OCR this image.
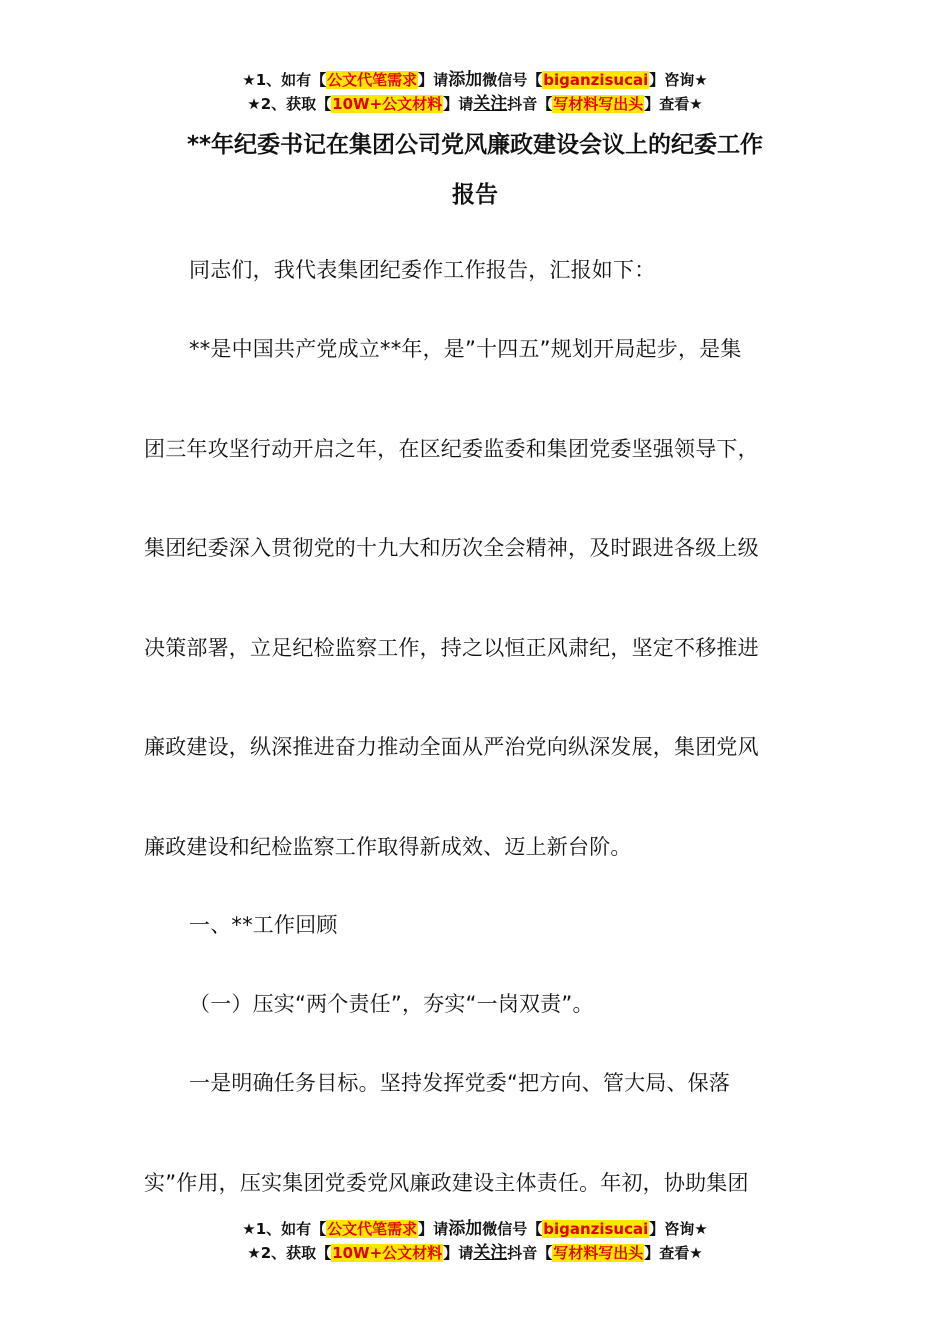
★1、如有【公文代笔需求】请添加微信号【biganzisucai】咨询★
★2、获取【10W+公文材料】请关注抖音【写材料写出头】查看★
**年纪委书记在集团公司党风廉政建设会议上的纪委工作
报告
同志们，我代表集团纪委作工作报告，汇报如下：
**是中国共产党成立**年，是”十四五”规划开局起步，是集
团三年攻坚行动开启之年，在区纪委监委和集团党委坚强领导下，
集团纪委深入贯彻党的十九大和历次全会精神，及时跟进各级上级
决策部署，立足纪检监察工作，持之以恒正风肃纪，坚定不移推进
廉政建设，纵深推进奋力推动全面从严治党向纵深发展，集团党风
廉政建设和纪检监察工作取得新成效、迈上新台阶。
一、**工作回顾
（一）压实“两个责任”，夯实“一岗双责”。
一是明确任务目标。坚持发挥党委“把方向、管大局、保落
实”作用，压实集团党委党风廉政建设主体责任。年初，协助集团
★1、如有【公文代笔需求】请添加微信号【biganzisucai】咨询★
★2、获取【10W+公文材料】请关注抖音【写材料写出头】查看★
